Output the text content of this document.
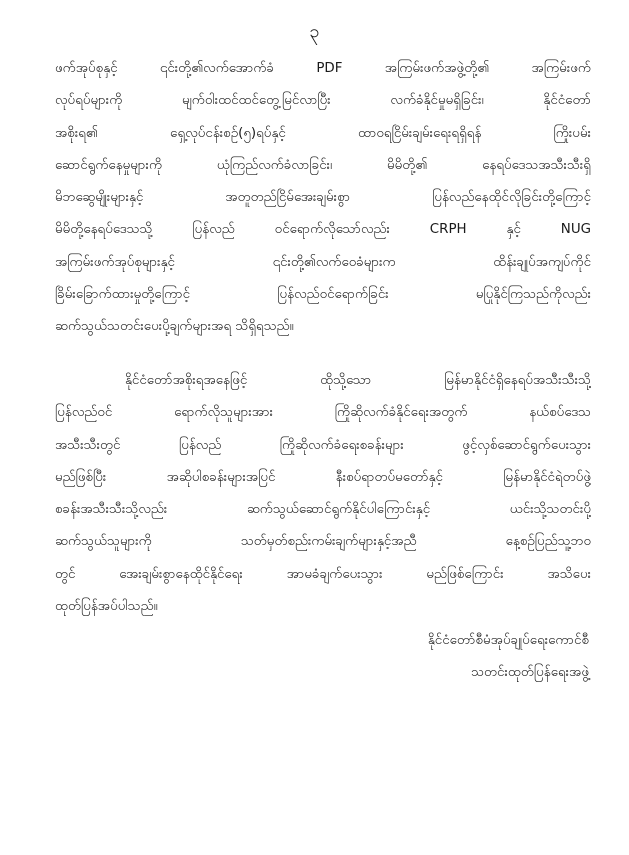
၃

ဖက်အုပ်စုနှင့် ၎င်းတို့၏လက်အောက်ခံ PDF အကြမ်းဖက်အဖွဲ့တို့၏ အကြမ်းဖက်
လုပ်ရပ်များကို မျက်ဝါးထင်ထင်တွေ့မြင်လာပြီး လက်ခံနိုင်မှုမရှိခြင်း၊ နိုင်ငံတော်
အစိုးရ၏ ရှေ့လုပ်ငန်းစဉ်(၅)ရပ်နှင့် ထာဝရငြိမ်းချမ်းရေးရရှိရန် ကြိုးပမ်း
ဆောင်ရွက်နေမှုများကို ယုံကြည်လက်ခံလာခြင်း၊ မိမိတို့၏ နေရပ်ဒေသအသီးသီးရှိ
မိဘဆွေမျိုးများနှင့် အတူတည်ငြိမ်အေးချမ်းစွာ ပြန်လည်နေထိုင်လိုခြင်းတို့ကြောင့်
မိမိတို့နေရပ်ဒေသသို့ ပြန်လည် ဝင်ရောက်လိုသော်လည်း CRPH နှင့် NUG
အကြမ်းဖက်အုပ်စုများနှင့် ၎င်းတို့၏လက်ဝေခံများက ထိန်းချုပ်အကျပ်ကိုင်
ခြိမ်းခြောက်ထားမှုတို့ကြောင့် ပြန်လည်ဝင်ရောက်ခြင်း မပြုနိုင်ကြသည်ကိုလည်း
ဆက်သွယ်သတင်းပေးပို့ချက်များအရ သိရှိရသည်။

နိုင်ငံတော်အစိုးရအနေဖြင့် ထိုသို့သော မြန်မာနိုင်ငံရှိနေရပ်အသီးသီးသို့
ပြန်လည်ဝင် ရောက်လိုသူများအား ကြိုဆိုလက်ခံနိုင်ရေးအတွက် နယ်စပ်ဒေသ
အသီးသီးတွင် ပြန်လည် ကြိုဆိုလက်ခံရေးစခန်းများ ဖွင့်လှစ်ဆောင်ရွက်ပေးသွား
မည်ဖြစ်ပြီး အဆိုပါစခန်းများအပြင် နီးစပ်ရာတပ်မတော်နှင့် မြန်မာနိုင်ငံရဲတပ်ဖွဲ့
စခန်းအသီးသီးသို့လည်း ဆက်သွယ်ဆောင်ရွက်နိုင်ပါကြောင်းနှင့် ယင်းသို့သတင်းပို့
ဆက်သွယ်သူများကို သတ်မှတ်စည်းကမ်းချက်များနှင့်အညီ နေ့စဉ်ပြည်သူ့ဘဝ
တွင် အေးချမ်းစွာနေထိုင်နိုင်ရေး အာမခံချက်ပေးသွား မည်ဖြစ်ကြောင်း အသိပေး
ထုတ်ပြန်အပ်ပါသည်။

နိုင်ငံတော်စီမံအုပ်ချုပ်ရေးကောင်စီ
သတင်းထုတ်ပြန်ရေးအဖွဲ့
